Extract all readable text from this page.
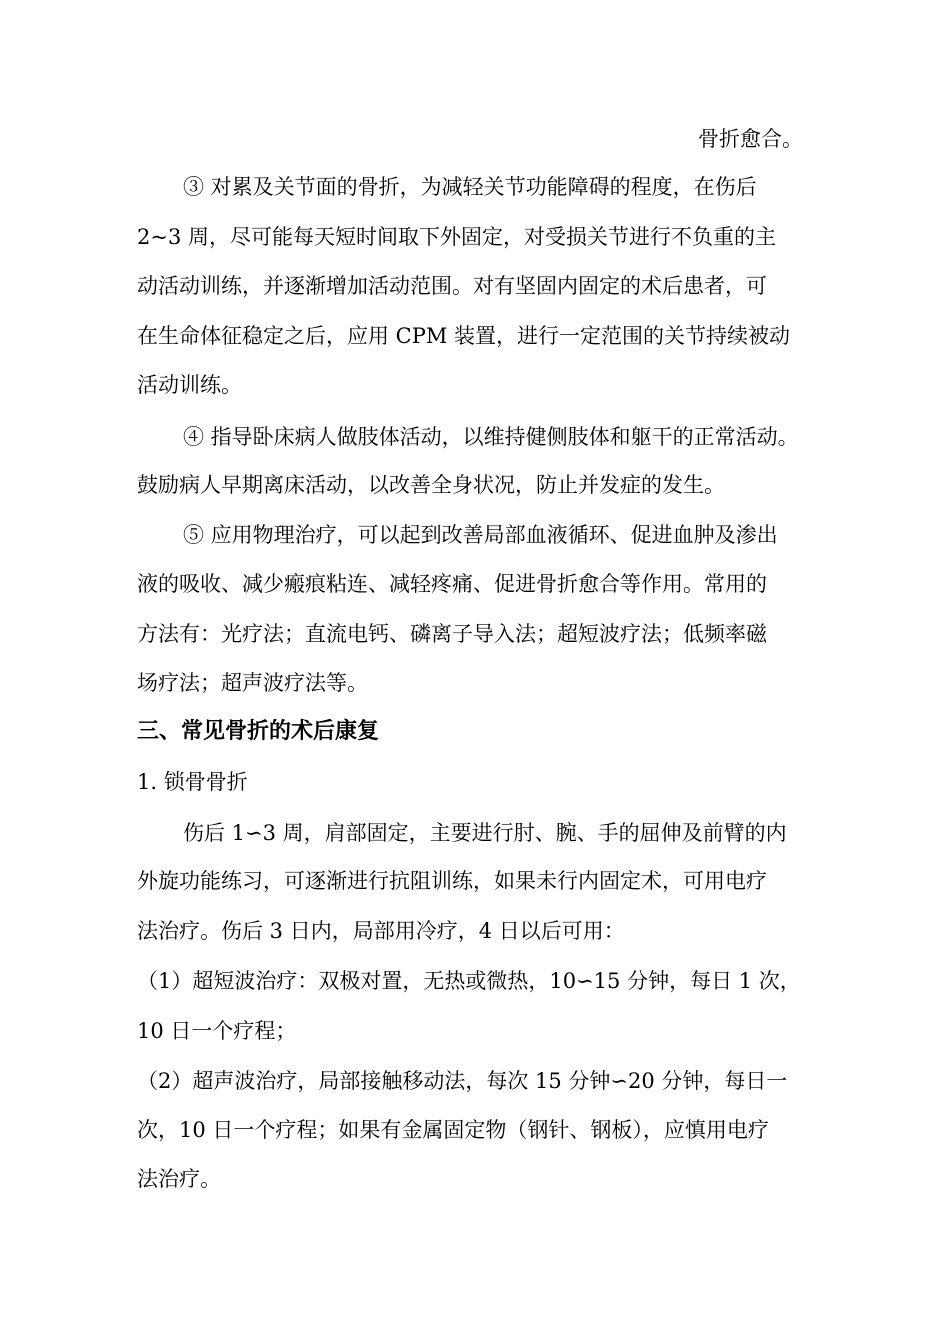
骨折愈合。
③ 对累及关节面的骨折，为减轻关节功能障碍的程度，在伤后
2~3 周，尽可能每天短时间取下外固定，对受损关节进行不负重的主
动活动训练，并逐渐增加活动范围。对有坚固内固定的术后患者，可
在生命体征稳定之后，应用 CPM 装置，进行一定范围的关节持续被动
活动训练。
④ 指导卧床病人做肢体活动，以维持健侧肢体和躯干的正常活动。
鼓励病人早期离床活动，以改善全身状况，防止并发症的发生。
⑤ 应用物理治疗，可以起到改善局部血液循环、促进血肿及渗出
液的吸收、减少瘢痕粘连、减轻疼痛、促进骨折愈合等作用。常用的
方法有：光疗法；直流电钙、磷离子导入法；超短波疗法；低频率磁
场疗法；超声波疗法等。
三、常见骨折的术后康复
1. 锁骨骨折
伤后 1∽3 周，肩部固定，主要进行肘、腕、手的屈伸及前臂的内
外旋功能练习，可逐渐进行抗阻训练，如果未行内固定术，可用电疗
法治疗。伤后 3 日内，局部用冷疗，4 日以后可用：
（1）超短波治疗：双极对置，无热或微热，10∽15 分钟，每日 1 次，
10 日一个疗程；
（2）超声波治疗，局部接触移动法，每次 15 分钟∽20 分钟，每日一
次，10 日一个疗程；如果有金属固定物（钢针、钢板），应慎用电疗
法治疗。
